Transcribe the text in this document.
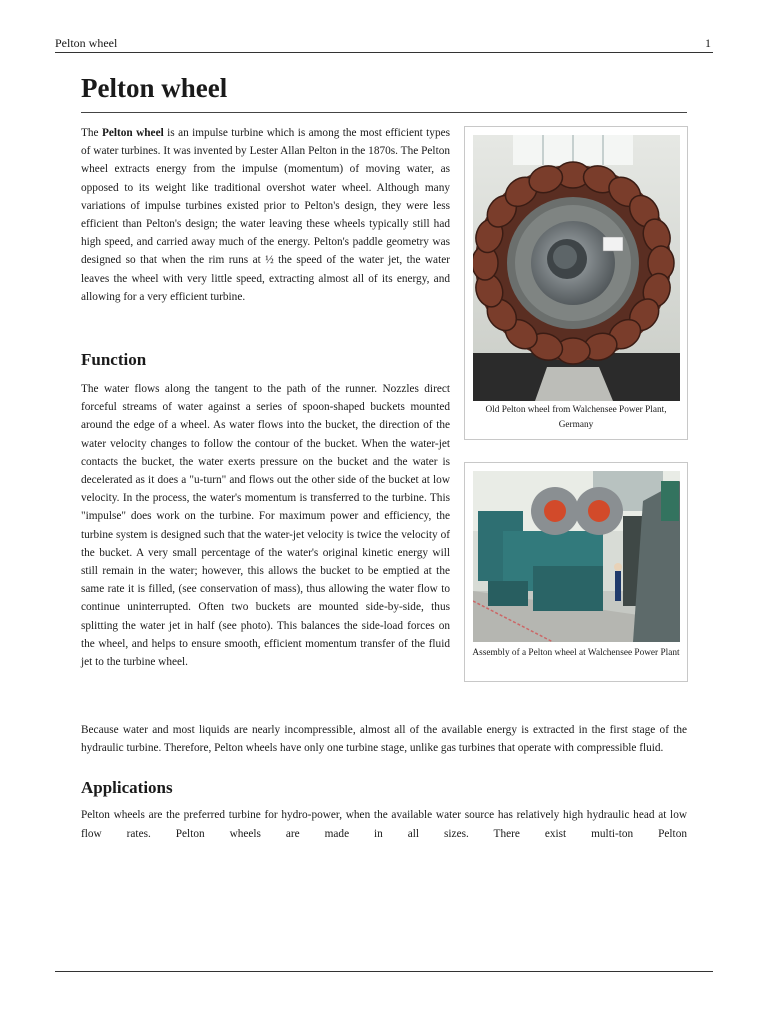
Pelton wheel	1
Pelton wheel

The Pelton wheel is an impulse turbine which is among the most efficient types of water turbines. It was invented by Lester Allan Pelton in the 1870s. The Pelton wheel extracts energy from the impulse (momentum) of moving water, as opposed to its weight like traditional overshot water wheel. Although many variations of impulse turbines existed prior to Pelton's design, they were less efficient than Pelton's design; the water leaving these wheels typically still had high speed, and carried away much of the energy. Pelton's paddle geometry was designed so that when the rim runs at ½ the speed of the water jet, the water leaves the wheel with very little speed, extracting almost all of its energy, and allowing for a very efficient turbine.

Function

The water flows along the tangent to the path of the runner. Nozzles direct forceful streams of water against a series of spoon-shaped buckets mounted around the edge of a wheel. As water flows into the bucket, the direction of the water velocity changes to follow the contour of the bucket. When the water-jet contacts the bucket, the water exerts pressure on the bucket and the water is decelerated as it does a "u-turn" and flows out the other side of the bucket at low velocity. In the process, the water's momentum is transferred to the turbine. This "impulse" does work on the turbine. For maximum power and efficiency, the turbine system is designed such that the water-jet velocity is twice the velocity of the bucket. A very small percentage of the water's original kinetic energy will still remain in the water; however, this allows the bucket to be emptied at the same rate it is filled, (see conservation of mass), thus allowing the water flow to continue uninterrupted. Often two buckets are mounted side-by-side, thus splitting the water jet in half (see photo). This balances the side-load forces on the wheel, and helps to ensure smooth, efficient momentum transfer of the fluid jet to the turbine wheel.

Because water and most liquids are nearly incompressible, almost all of the available energy is extracted in the first stage of the hydraulic turbine. Therefore, Pelton wheels have only one turbine stage, unlike gas turbines that operate with compressible fluid.

Applications

Pelton wheels are the preferred turbine for hydro-power, when the available water source has relatively high hydraulic head at low flow rates. Pelton wheels are made in all sizes. There exist multi-ton Pelton

Old Pelton wheel from Walchensee Power Plant, Germany
Assembly of a Pelton wheel at Walchensee Power Plant
